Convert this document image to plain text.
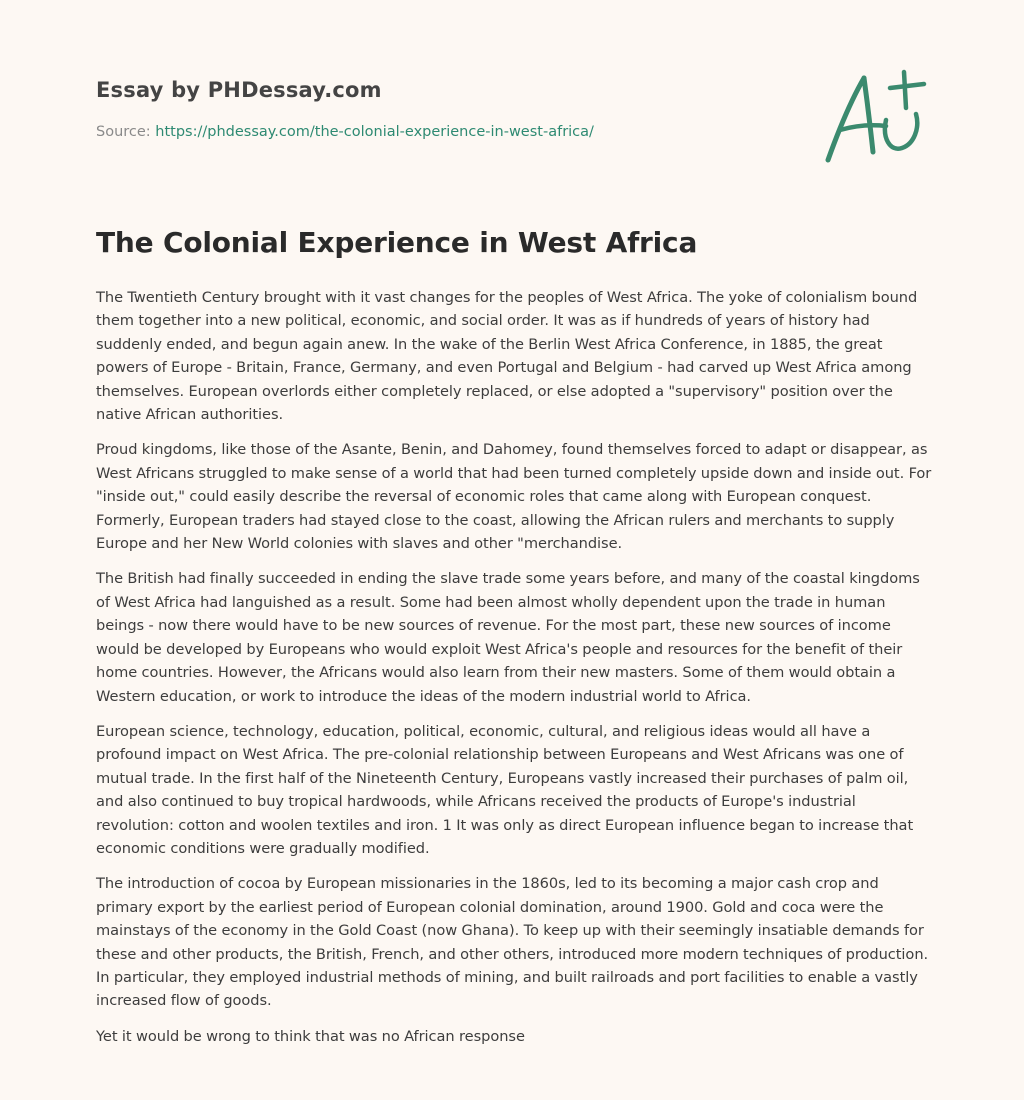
Essay by PHDessay.com
Source: https://phdessay.com/the-colonial-experience-in-west-africa/
The Colonial Experience in West Africa

The Twentieth Century brought with it vast changes for the peoples of West Africa. The yoke of colonialism bound them together into a new political, economic, and social order. It was as if hundreds of years of history had suddenly ended, and begun again anew. In the wake of the Berlin West Africa Conference, in 1885, the great powers of Europe - Britain, France, Germany, and even Portugal and Belgium - had carved up West Africa among themselves. European overlords either completely replaced, or else adopted a "supervisory" position over the native African authorities.

Proud kingdoms, like those of the Asante, Benin, and Dahomey, found themselves forced to adapt or disappear, as West Africans struggled to make sense of a world that had been turned completely upside down and inside out. For "inside out," could easily describe the reversal of economic roles that came along with European conquest. Formerly, European traders had stayed close to the coast, allowing the African rulers and merchants to supply Europe and her New World colonies with slaves and other "merchandise.

The British had finally succeeded in ending the slave trade some years before, and many of the coastal kingdoms of West Africa had languished as a result. Some had been almost wholly dependent upon the trade in human beings - now there would have to be new sources of revenue. For the most part, these new sources of income would be developed by Europeans who would exploit West Africa's people and resources for the benefit of their home countries. However, the Africans would also learn from their new masters. Some of them would obtain a Western education, or work to introduce the ideas of the modern industrial world to Africa.

European science, technology, education, political, economic, cultural, and religious ideas would all have a profound impact on West Africa. The pre-colonial relationship between Europeans and West Africans was one of mutual trade. In the first half of the Nineteenth Century, Europeans vastly increased their purchases of palm oil, and also continued to buy tropical hardwoods, while Africans received the products of Europe's industrial revolution: cotton and woolen textiles and iron. 1 It was only as direct European influence began to increase that economic conditions were gradually modified.

The introduction of cocoa by European missionaries in the 1860s, led to its becoming a major cash crop and primary export by the earliest period of European colonial domination, around 1900. Gold and coca were the mainstays of the economy in the Gold Coast (now Ghana). To keep up with their seemingly insatiable demands for these and other products, the British, French, and other others, introduced more modern techniques of production. In particular, they employed industrial methods of mining, and built railroads and port facilities to enable a vastly increased flow of goods.

Yet it would be wrong to think that was no African response
